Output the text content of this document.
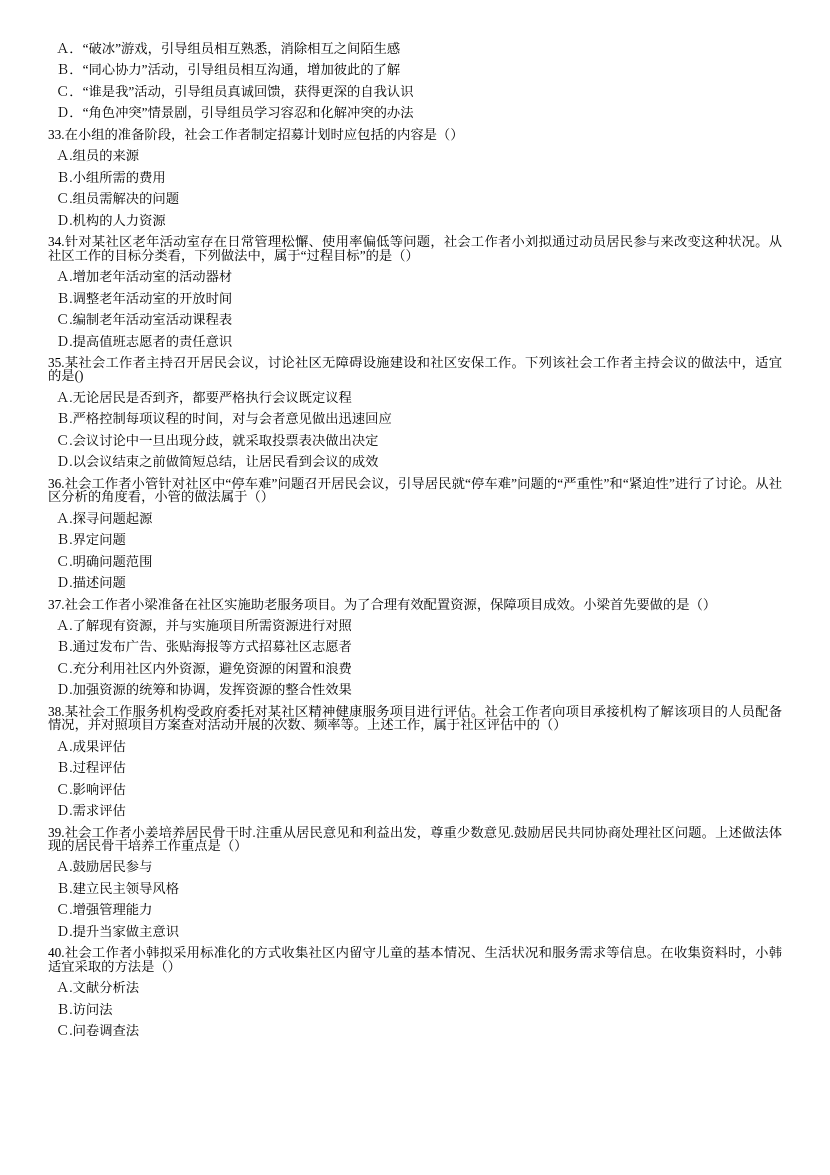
Ａ．“破冰”游戏，引导组员相互熟悉，消除相互之间陌生感
Ｂ．“同心协力”活动，引导组员相互沟通，增加彼此的了解
Ｃ．“谁是我”活动，引导组员真诚回馈，获得更深的自我认识
Ｄ．“角色冲突”情景剧，引导组员学习容忍和化解冲突的办法
33.在小组的准备阶段，社会工作者制定招募计划时应包括的内容是（）
Ａ.组员的来源
Ｂ.小组所需的费用
Ｃ.组员需解决的问题
Ｄ.机构的人力资源
34.针对某社区老年活动室存在日常管理松懈、使用率偏低等问题，社会工作者小刘拟通过动员居民参与来改变这种状况。从社区工作的目标分类看，下列做法中，属于“过程目标”的是（）
Ａ.增加老年活动室的活动器材
Ｂ.调整老年活动室的开放时间
Ｃ.编制老年活动室活动课程表
Ｄ.提高值班志愿者的责任意识
35.某社会工作者主持召开居民会议，讨论社区无障碍设施建设和社区安保工作。下列该社会工作者主持会议的做法中，适宜的是()
Ａ.无论居民是否到齐，都要严格执行会议既定议程
Ｂ.严格控制每项议程的时间，对与会者意见做出迅速回应
Ｃ.会议讨论中一旦出现分歧，就采取投票表决做出决定
Ｄ.以会议结束之前做简短总结，让居民看到会议的成效
36.社会工作者小管针对社区中“停车难”问题召开居民会议，引导居民就“停车难”问题的“严重性”和“紧迫性”进行了讨论。从社区分析的角度看，小管的做法属于（）
Ａ.探寻问题起源
Ｂ.界定问题
Ｃ.明确问题范围
Ｄ.描述问题
37.社会工作者小梁准备在社区实施助老服务项目。为了合理有效配置资源，保障项目成效。小梁首先要做的是（）
Ａ.了解现有资源，并与实施项目所需资源进行对照
Ｂ.通过发布广告、张贴海报等方式招募社区志愿者
Ｃ.充分利用社区内外资源，避免资源的闲置和浪费
Ｄ.加强资源的统筹和协调，发挥资源的整合性效果
38.某社会工作服务机构受政府委托对某社区精神健康服务项目进行评估。社会工作者向项目承接机构了解该项目的人员配备情况，并对照项目方案查对活动开展的次数、频率等。上述工作，属于社区评估中的（）
Ａ.成果评估
Ｂ.过程评估
Ｃ.影响评估
Ｄ.需求评估
39.社会工作者小姜培养居民骨干时.注重从居民意见和利益出发，尊重少数意见.鼓励居民共同协商处理社区问题。上述做法体现的居民骨干培养工作重点是（）
Ａ.鼓励居民参与
Ｂ.建立民主领导风格
Ｃ.增强管理能力
Ｄ.提升当家做主意识
40.社会工作者小韩拟采用标准化的方式收集社区内留守儿童的基本情况、生活状况和服务需求等信息。在收集资料时，小韩适宜采取的方法是（）
Ａ.文献分析法
Ｂ.访问法
Ｃ.问卷调查法
